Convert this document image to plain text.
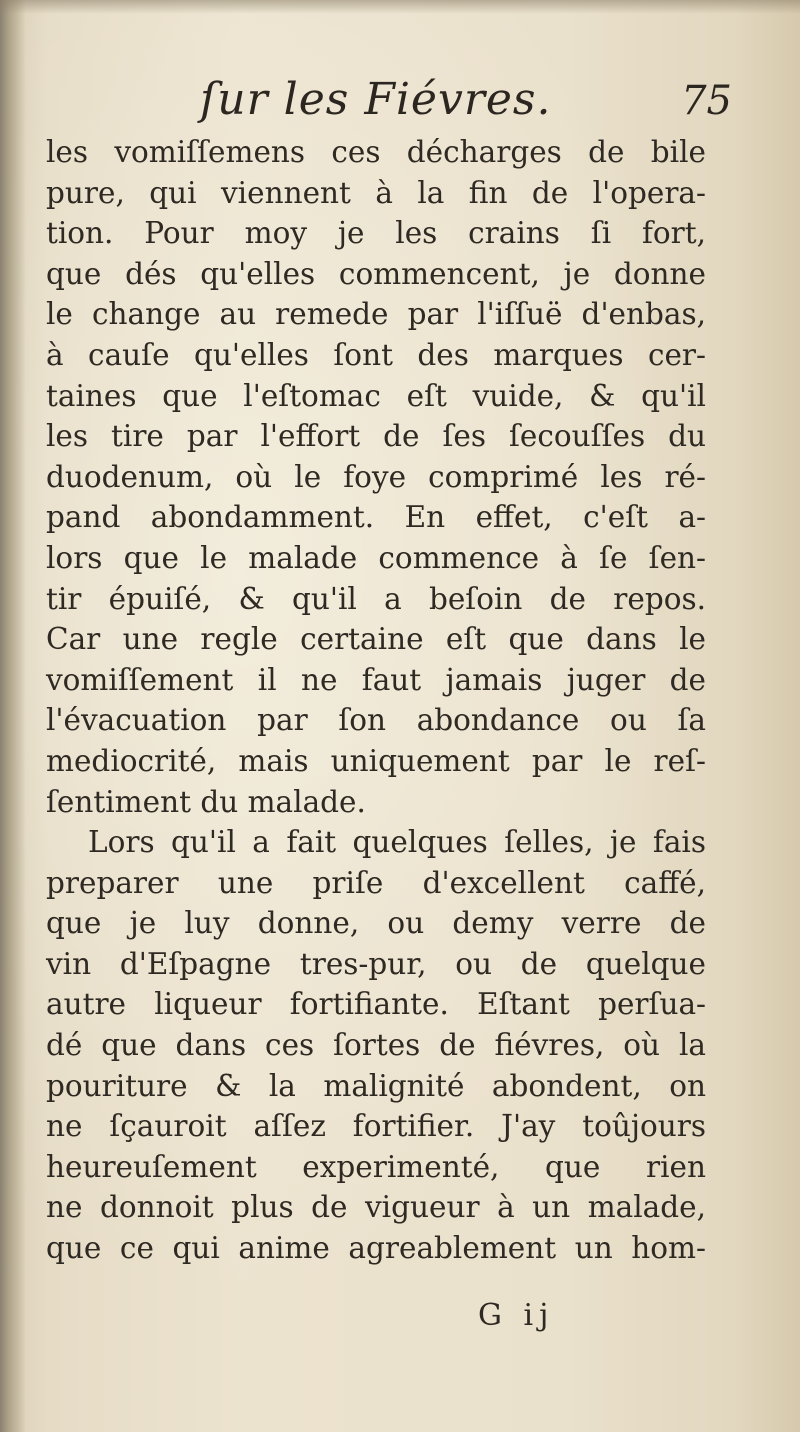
ſur les Fiévres.	75
les vomiſſemens ces décharges de bile
pure, qui viennent à la fin de l'opera-
tion. Pour moy je les crains ſi fort,
que dés qu'elles commencent, je donne
le change au remede par l'iſſuë d'enbas,
à cauſe qu'elles ſont des marques cer-
taines que l'eſtomac eſt vuide, & qu'il
les tire par l'effort de ſes ſecouſſes du
duodenum, où le foye comprimé les ré-
pand abondamment. En effet, c'eſt a-
lors que le malade commence à ſe ſen-
tir épuiſé, & qu'il a beſoin de repos.
Car une regle certaine eſt que dans le
vomiſſement il ne faut jamais juger de
l'évacuation par ſon abondance ou ſa
mediocrité, mais uniquement par le reſ-
ſentiment du malade.
Lors qu'il a fait quelques ſelles, je fais
preparer une priſe d'excellent caffé,
que je luy donne, ou demy verre de
vin d'Eſpagne tres-pur, ou de quelque
autre liqueur fortifiante. Eſtant perſua-
dé que dans ces ſortes de fiévres, où la
pouriture & la malignité abondent, on
ne ſçauroit aſſez fortifier. J'ay toûjours
heureuſement experimenté, que rien
ne donnoit plus de vigueur à un malade,
que ce qui anime agreablement un hom-
G ij
